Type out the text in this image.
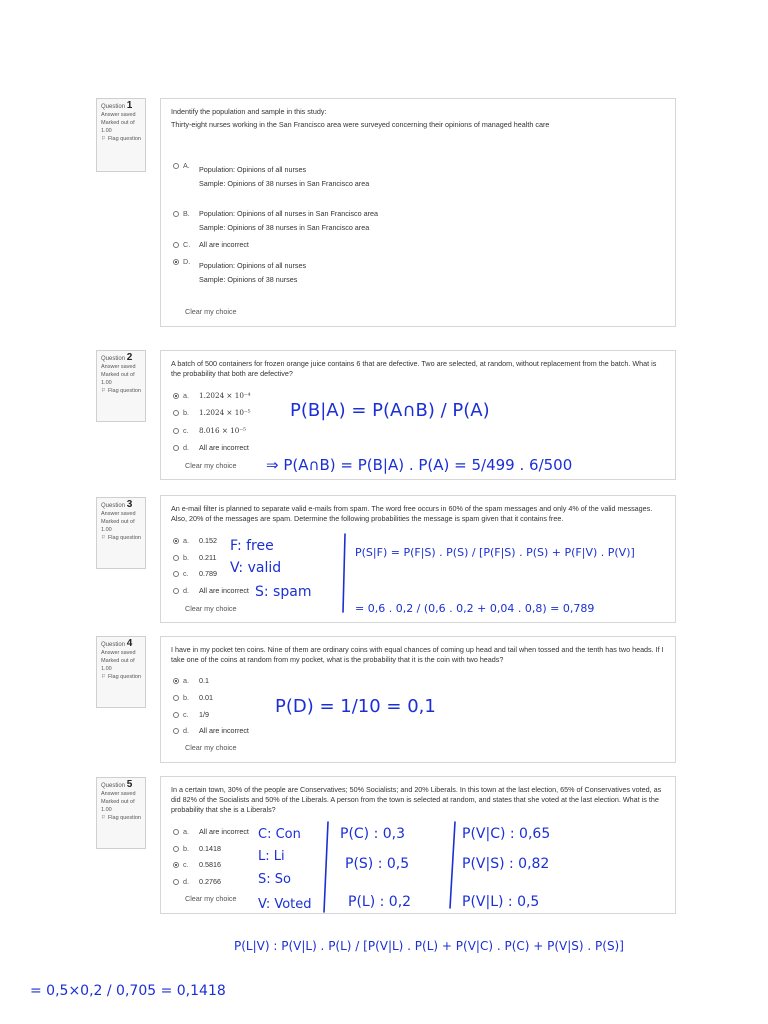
Question 1
Answer saved
Marked out of
1.00
⚐ Flag question

Indentify the population and sample in this study:

Thirty-eight nurses working in the San Francisco area were surveyed concerning their opinions of managed health care

A.	Population: Opinions of all nurses
Sample: Opinions of 38 nurses in San Francisco area
B.	Population: Opinions of all nurses in San Francisco area
Sample: Opinions of 38 nurses in San Francisco area
C.	All are incorrect
D.	Population: Opinions of all nurses
Sample: Opinions of 38 nurses
Clear my choice
Question 2
Answer saved
Marked out of
1.00
⚐ Flag question

A batch of 500 containers for frozen orange juice contains 6 that are defective. Two are selected, at random, without replacement from the batch. What is the probability that both are defective?

a.	1.2024 × 10⁻⁴
b.	1.2024 × 10⁻⁵
c.	8.016 × 10⁻⁵
d.	All are incorrect
Clear my choice
Question 3
Answer saved
Marked out of
1.00
⚐ Flag question

An e-mail filter is planned to separate valid e-mails from spam. The word free occurs in 60% of the spam messages and only 4% of the valid messages. Also, 20% of the messages are spam. Determine the following probabilities the message is spam given that it contains free.

a.	0.152
b.	0.211
c.	0.789
d.	All are incorrect
Clear my choice
Question 4
Answer saved
Marked out of
1.00
⚐ Flag question

I have in my pocket ten coins. Nine of them are ordinary coins with equal chances of coming up head and tail when tossed and the tenth has two heads. If I take one of the coins at random from my pocket, what is the probability that it is the coin with two heads?

a.	0.1
b.	0.01
c.	1/9
d.	All are incorrect
Clear my choice
Question 5
Answer saved
Marked out of
1.00
⚐ Flag question

In a certain town, 30% of the people are Conservatives; 50% Socialists; and 20% Liberals. In this town at the last election, 65% of Conservatives voted, as did 82% of the Socialists and 50% of the Liberals. A person from the town is selected at random, and states that she voted at the last election. What is the probability that she is a Liberals?

a.	All are incorrect
b.	0.1418
c.	0.5816
d.	0.2766
Clear my choice
P(B|A) = P(A∩B) / P(A)
⇒ P(A∩B) = P(B|A) . P(A) = 5/499 . 6/500
F: free
V: valid
S: spam
P(S|F) = P(F|S) . P(S) / [P(F|S) . P(S) + P(F|V) . P(V)]
= 0,6 . 0,2 / (0,6 . 0,2 + 0,04 . 0,8) = 0,789
P(D) = 1/10 = 0,1
C: Con
L: Li
S: So
V: Voted
P(C) : 0,3
P(S) : 0,5
P(L) : 0,2
P(V|C) : 0,65
P(V|S) : 0,82
P(V|L) : 0,5
P(L|V) : P(V|L) . P(L) / [P(V|L) . P(L) + P(V|C) . P(C) + P(V|S) . P(S)]
= 0,5×0,2 / 0,705 = 0,1418
